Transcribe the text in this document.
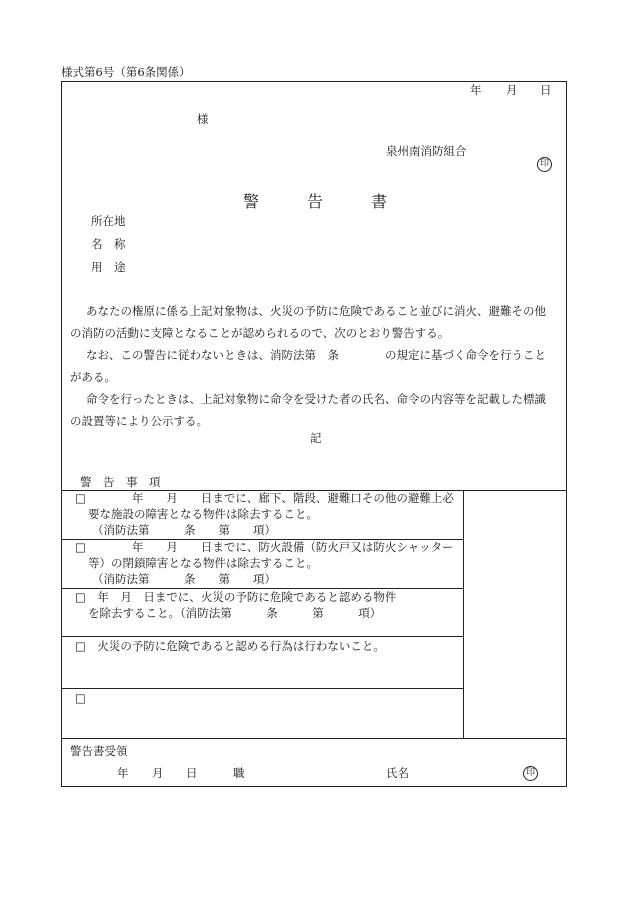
様式第6号（第6条関係）
年 月 日
様
泉州南消防組合
印
警	告	書
所在地
名　称
用　途
あなたの権原に係る上記対象物は、火災の予防に危険であること並びに消火、避難その他
の消防の活動に支障となることが認められるので、次のとおり警告する。
なお、この警告に従わないときは、消防法第　条　　　　の規定に基づく命令を行うこと
がある。
命令を行ったときは、上記対象物に命令を受けた者の氏名、命令の内容等を記載した標識
の設置等により公示する。
記
警　告　事　項
□　　　　年　　月　　日までに、廊下、階段、避難口その他の避難上必
要な施設の障害となる物件は除去すること。
（消防法第　　　条　　第　　項）
□　　　　年　　月　　日までに、防火設備（防火戸又は防火シャッター
等）の閉鎖障害となる物件は除去すること。
（消防法第　　　条　　第　　項）
□　年　月　日までに、火災の予防に危険であると認める物件
を除去すること。（消防法第　　　条　　　第　　　項）
□　火災の予防に危険であると認める行為は行わないこと。
□
警告書受領
年 月 日	職	氏名	印
